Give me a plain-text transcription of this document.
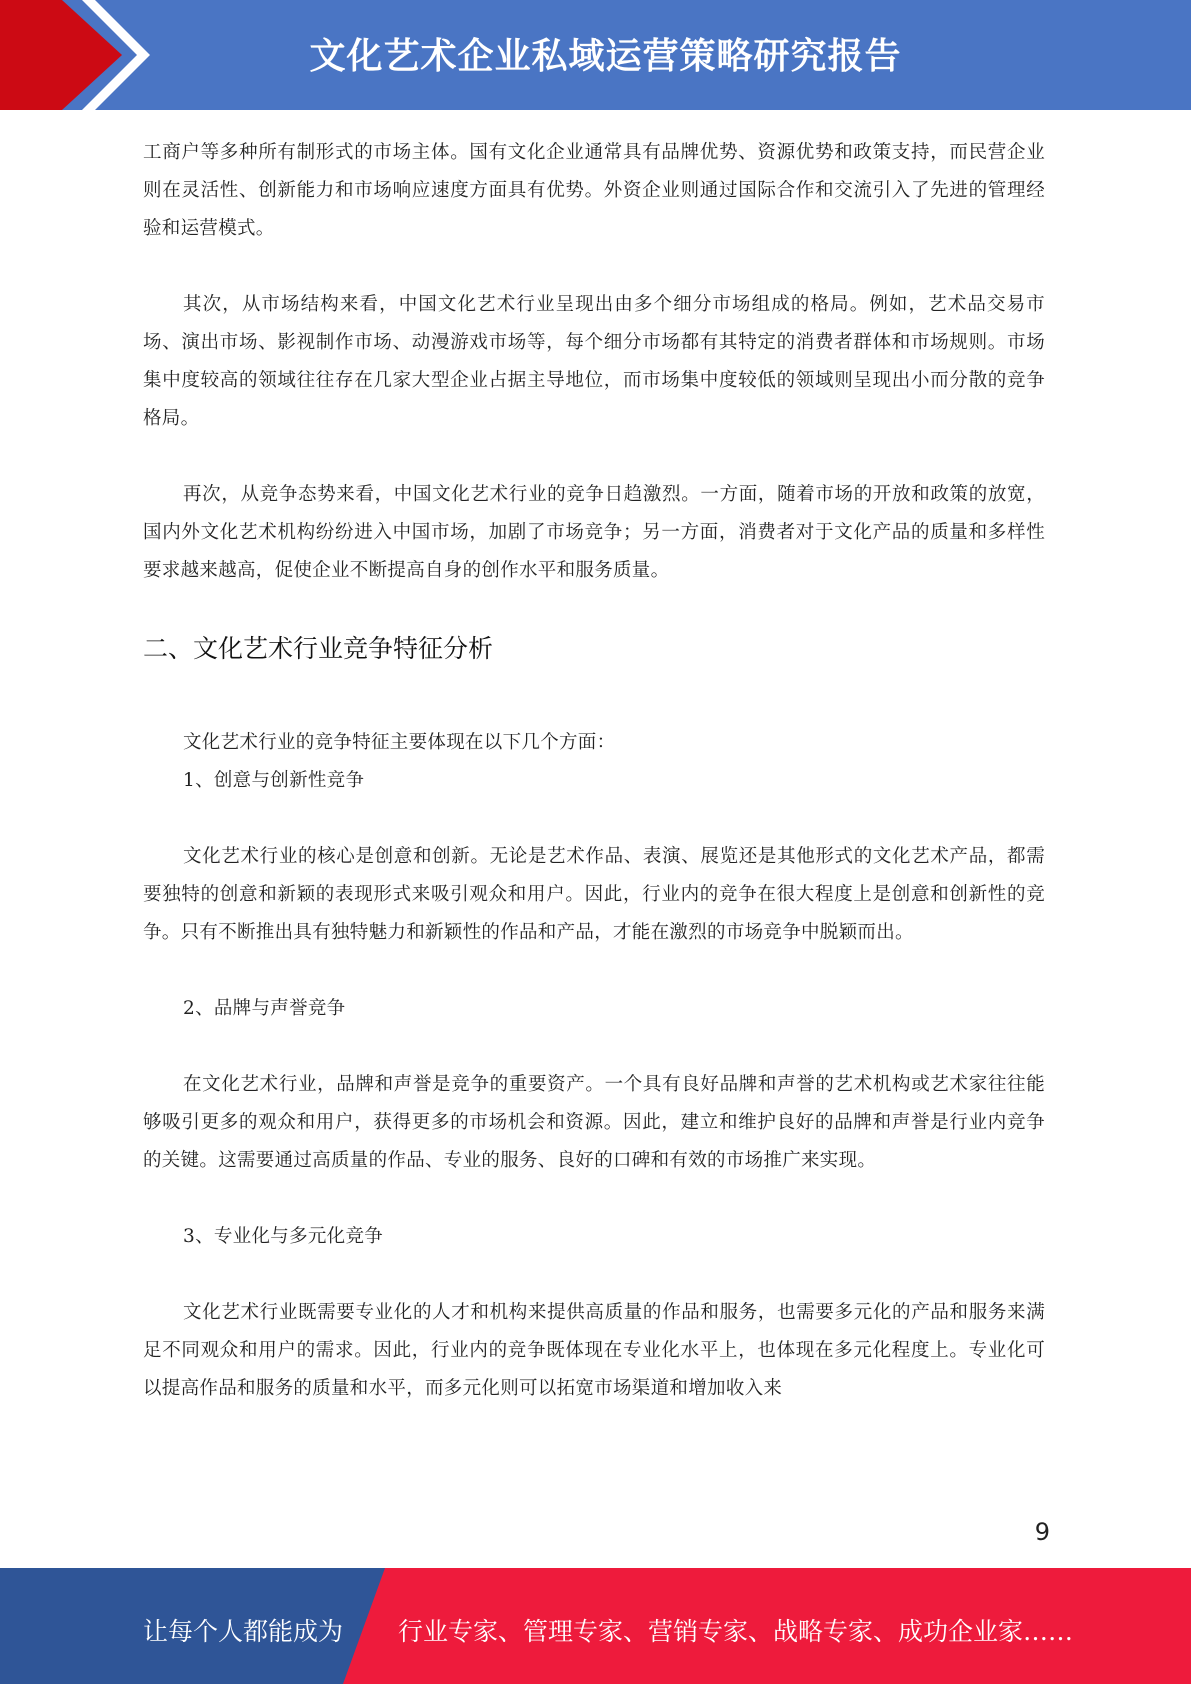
文化艺术企业私域运营策略研究报告

工商户等多种所有制形式的市场主体。国有文化企业通常具有品牌优势、资源优势和政策支持，而民营企业则在灵活性、创新能力和市场响应速度方面具有优势。外资企业则通过国际合作和交流引入了先进的管理经验和运营模式。

其次，从市场结构来看，中国文化艺术行业呈现出由多个细分市场组成的格局。例如，艺术品交易市场、演出市场、影视制作市场、动漫游戏市场等，每个细分市场都有其特定的消费者群体和市场规则。市场集中度较高的领域往往存在几家大型企业占据主导地位，而市场集中度较低的领域则呈现出小而分散的竞争格局。

再次，从竞争态势来看，中国文化艺术行业的竞争日趋激烈。一方面，随着市场的开放和政策的放宽，国内外文化艺术机构纷纷进入中国市场，加剧了市场竞争；另一方面，消费者对于文化产品的质量和多样性要求越来越高，促使企业不断提高自身的创作水平和服务质量。

二、文化艺术行业竞争特征分析

文化艺术行业的竞争特征主要体现在以下几个方面：

1、创意与创新性竞争

文化艺术行业的核心是创意和创新。无论是艺术作品、表演、展览还是其他形式的文化艺术产品，都需要独特的创意和新颖的表现形式来吸引观众和用户。因此，行业内的竞争在很大程度上是创意和创新性的竞争。只有不断推出具有独特魅力和新颖性的作品和产品，才能在激烈的市场竞争中脱颖而出。

2、品牌与声誉竞争

在文化艺术行业，品牌和声誉是竞争的重要资产。一个具有良好品牌和声誉的艺术机构或艺术家往往能够吸引更多的观众和用户，获得更多的市场机会和资源。因此，建立和维护良好的品牌和声誉是行业内竞争的关键。这需要通过高质量的作品、专业的服务、良好的口碑和有效的市场推广来实现。

3、专业化与多元化竞争

文化艺术行业既需要专业化的人才和机构来提供高质量的作品和服务，也需要多元化的产品和服务来满足不同观众和用户的需求。因此，行业内的竞争既体现在专业化水平上，也体现在多元化程度上。专业化可以提高作品和服务的质量和水平，而多元化则可以拓宽市场渠道和增加收入来

9
让每个人都能成为 行业专家、管理专家、营销专家、战略专家、成功企业家……
